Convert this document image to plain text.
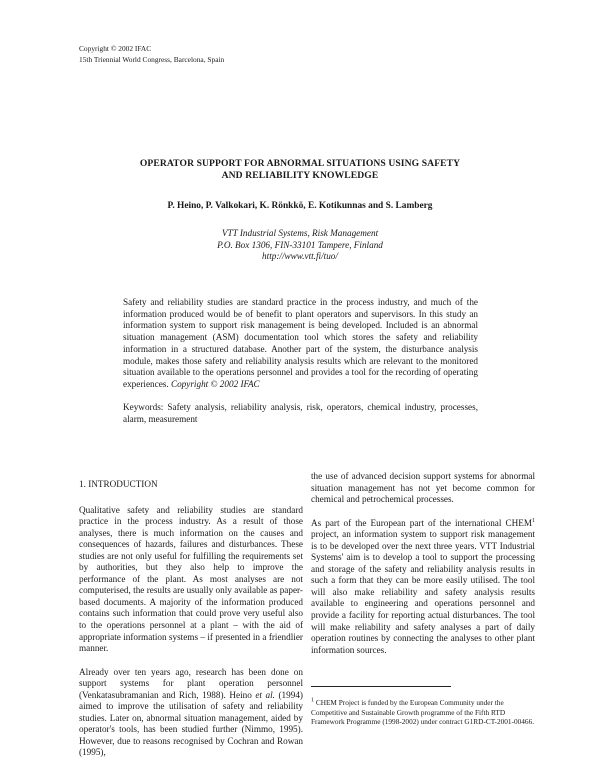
Copyright © 2002 IFAC
15th Triennial World Congress, Barcelona, Spain
OPERATOR SUPPORT FOR ABNORMAL SITUATIONS USING SAFETY
AND RELIABILITY KNOWLEDGE
P. Heino, P. Valkokari, K. Rönkkö, E. Kotikunnas and S. Lamberg
VTT Industrial Systems, Risk Management
P.O. Box 1306, FIN-33101 Tampere, Finland
http://www.vtt.fi/tuo/
Safety and reliability studies are standard practice in the process industry, and much of the information produced would be of benefit to plant operators and supervisors. In this study an information system to support risk management is being developed. Included is an abnormal situation management (ASM) documentation tool which stores the safety and reliability information in a structured database. Another part of the system, the disturbance analysis module, makes those safety and reliability analysis results which are relevant to the monitored situation available to the operations personnel and provides a tool for the recording of operating experiences. Copyright © 2002 IFAC
Keywords: Safety analysis, reliability analysis, risk, operators, chemical industry, processes, alarm, measurement

1. INTRODUCTION

Qualitative safety and reliability studies are standard practice in the process industry. As a result of those analyses, there is much information on the causes and consequences of hazards, failures and disturbances. These studies are not only useful for fulfilling the requirements set by authorities, but they also help to improve the performance of the plant. As most analyses are not computerised, the results are usually only available as paper-based documents. A majority of the information produced contains such information that could prove very useful also to the operations personnel at a plant – with the aid of appropriate information systems – if presented in a friendlier manner.

Already over ten years ago, research has been done on support systems for plant operation personnel (Venkatasubramanian and Rich, 1988). Heino et al. (1994) aimed to improve the utilisation of safety and reliability studies. Later on, abnormal situation management, aided by operator's tools, has been studied further (Nimmo, 1995). However, due to reasons recognised by Cochran and Rowan (1995),

the use of advanced decision support systems for abnormal situation management has not yet become common for chemical and petrochemical processes.

As part of the European part of the international CHEM$^1$ project, an information system to support risk management is to be developed over the next three years. VTT Industrial Systems' aim is to develop a tool to support the processing and storage of the safety and reliability analysis results in such a form that they can be more easily utilised. The tool will also make reliability and safety analysis results available to engineering and operations personnel and provide a facility for reporting actual disturbances. The tool will make reliability and safety analyses a part of daily operation routines by connecting the analyses to other plant information sources.

$^1$ CHEM Project is funded by the European Community under the Competitive and Sustainable Growth programme of the Fifth RTD Framework Programme (1998-2002) under contract G1RD-CT-2001-00466.
